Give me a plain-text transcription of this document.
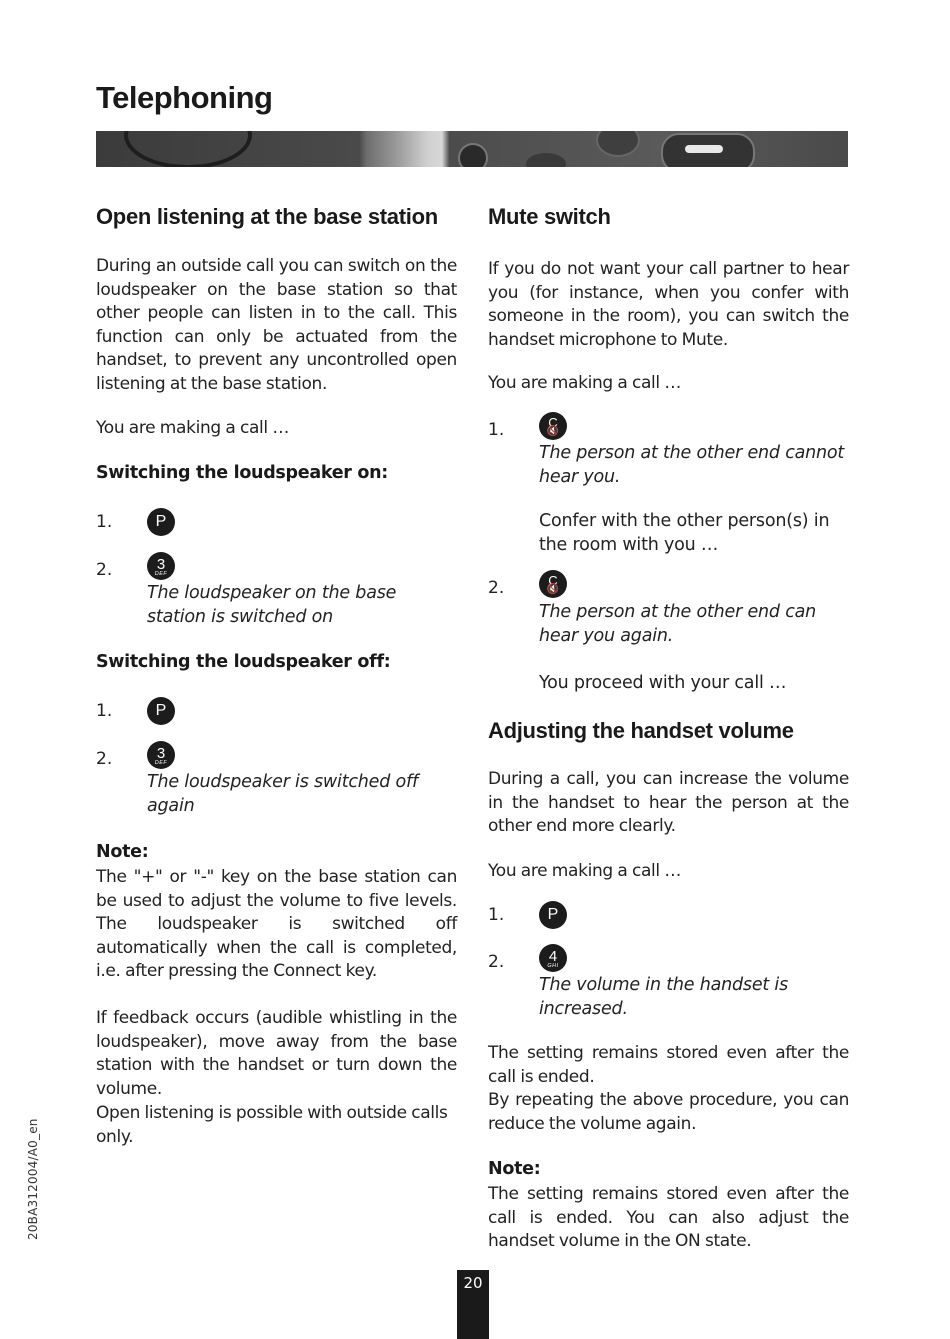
Telephoning
Open listening at the base station

During an outside call you can switch on the loudspeaker on the base station so that other people can listen in to the call. This function can only be actuated from the handset, to prevent any uncontrolled open listening at the base station.

You are making a call …

Switching the loudspeaker on:
1.	P
2.	3
DEF

The loudspeaker on the base station is switched on

Switching the loudspeaker off:
1.	P
2.	3
DEF

The loudspeaker is switched off again

Note:

The "+" or "-" key on the base station can be used to adjust the volume to five levels. The loudspeaker is switched off automatically when the call is completed, i.e. after pressing the Connect key.

If feedback occurs (audible whistling in the loudspeaker), move away from the base station with the handset or turn down the volume.

Open listening is possible with outside calls only.

Mute switch

If you do not want your call partner to hear you (for instance, when you confer with someone in the room), you can switch the handset microphone to Mute.

You are making a call …

1.	C
🔇

The person at the other end cannot hear you.

Confer with the other person(s) in the room with you …

2.	C
🔇

The person at the other end can hear you again.

You proceed with your call …

Adjusting the handset volume

During a call, you can increase the volume in the handset to hear the person at the other end more clearly.

You are making a call …

1.	P
2.	4
GHI

The volume in the handset is increased.

The setting remains stored even after the call is ended.

By repeating the above procedure, you can reduce the volume again.

Note:

The setting remains stored even after the call is ended. You can also adjust the handset volume in the ON state.

20BA312004/A0_en
20
